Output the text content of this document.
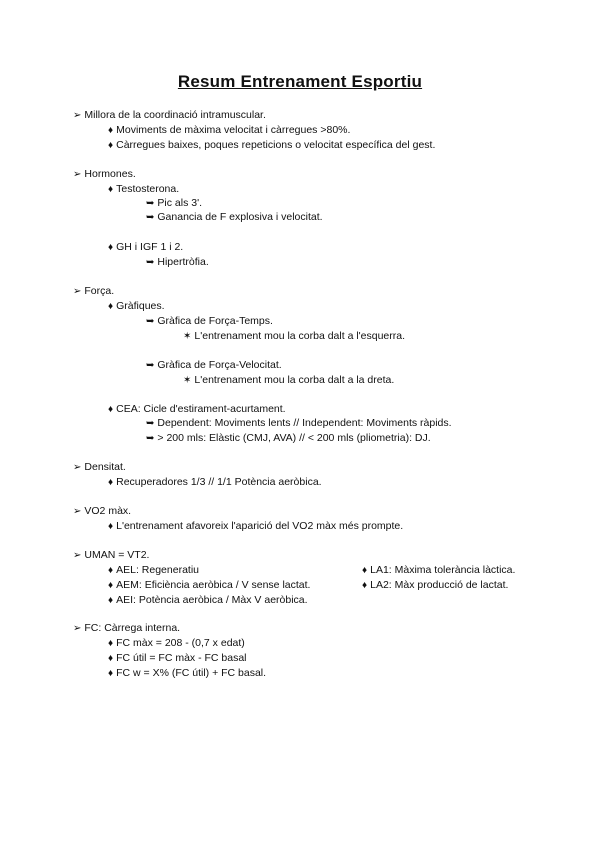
Resum Entrenament Esportiu
➢ Millora de la coordinació intramuscular.
♦ Moviments de màxima velocitat i càrregues >80%.
♦ Càrregues baixes, poques repeticions o velocitat específica del gest.
➢ Hormones.
♦ Testosterona.
➥ Pic als 3'.
➥ Ganancia de F explosiva i velocitat.
♦ GH i IGF 1 i 2.
➥ Hipertròfia.
➢ Força.
♦ Gràfiques.
➥ Gràfica de Força-Temps.
✶ L'entrenament mou la corba dalt a l'esquerra.
➥ Gràfica de Força-Velocitat.
✶ L'entrenament mou la corba dalt a la dreta.
♦ CEA: Cicle d'estirament-acurtament.
➥ Dependent: Moviments lents // Independent: Moviments ràpids.
➥ > 200 mls: Elàstic (CMJ, AVA) // < 200 mls (pliometria): DJ.
➢ Densitat.
♦ Recuperadores 1/3 // 1/1 Potència aeròbica.
➢ VO2 màx.
♦ L'entrenament afavoreix l'aparició del VO2 màx més prompte.
➢ UMAN = VT2.
♦ AEL: Regeneratiu
♦ AEM: Eficiència aeròbica / V sense lactat.
♦ AEI: Potència aeròbica / Màx V aeròbica.
♦ LA1: Màxima tolerància làctica.
♦ LA2: Màx producció de lactat.
➢ FC: Càrrega interna.
♦ FC màx = 208 - (0,7 x edat)
♦ FC útil = FC màx - FC basal
♦ FC w = X% (FC útil) + FC basal.
